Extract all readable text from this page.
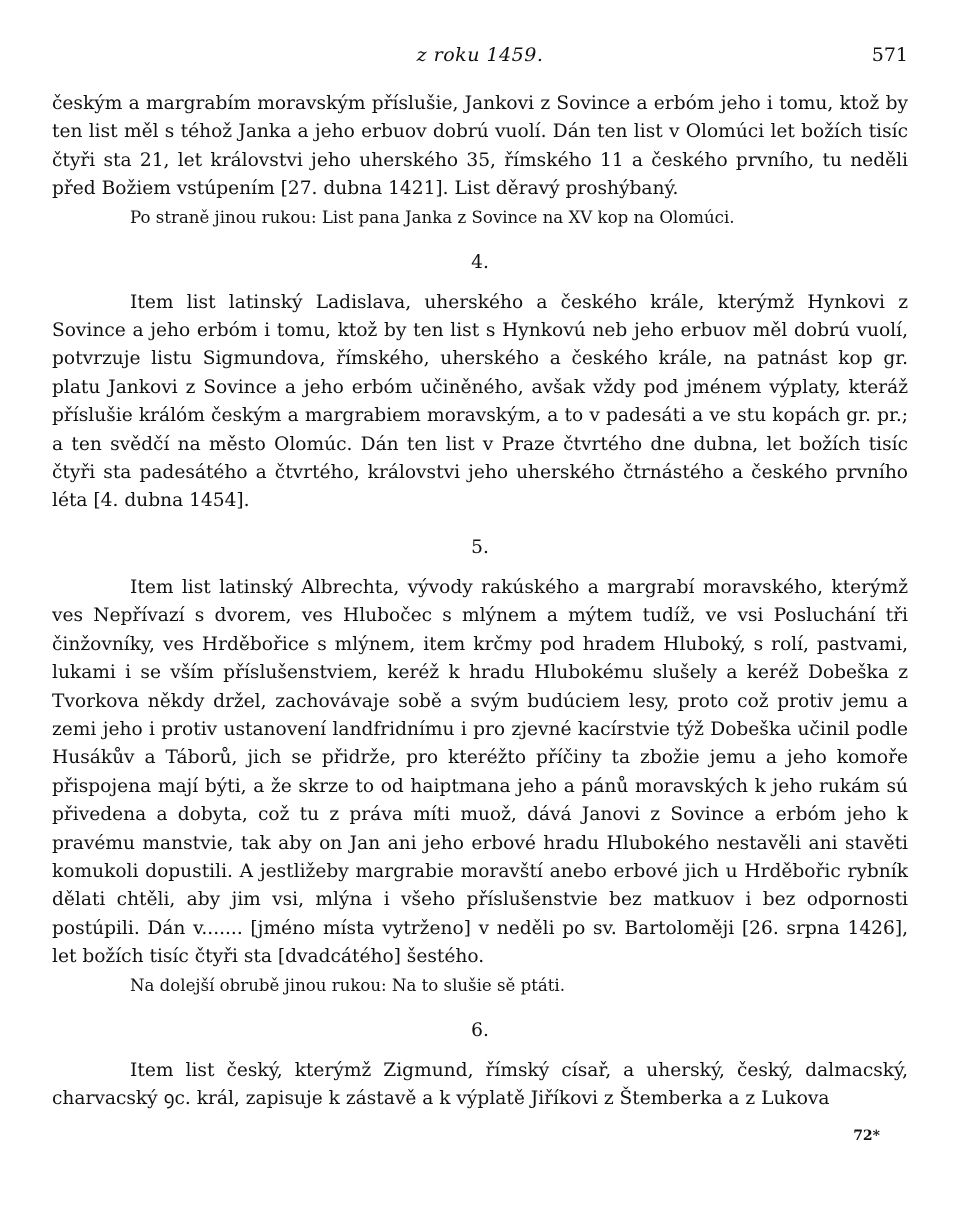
z roku 1459.	571

českým a margrabím moravským příslušie, Jankovi z Sovince a erbóm jeho i tomu, ktož by ten list měl s téhož Janka a jeho erbuov dobrú vuolí. Dán ten list v Olomúci let božích tisíc čtyři sta 21, let královstvi jeho uherského 35, římského 11 a českého prvního, tu neděli před Božiem vstúpením [27. dubna 1421]. List děravý proshýbaný.

Po straně jinou rukou: List pana Janka z Sovince na XV kop na Olomúci.

4.

Item list latinský Ladislava, uherského a českého krále, kterýmž Hynkovi z Sovince a jeho erbóm i tomu, ktož by ten list s Hynkovú neb jeho erbuov měl dobrú vuolí, potvrzuje listu Sigmundova, římského, uherského a českého krále, na patnást kop gr. platu Jankovi z Sovince a jeho erbóm učiněného, avšak vždy pod jménem výplaty, kteráž příslušie králóm českým a margrabiem moravským, a to v padesáti a ve stu kopách gr. pr.; a ten svědčí na město Olomúc. Dán ten list v Praze čtvrtého dne dubna, let božích tisíc čtyři sta padesátého a čtvrtého, královstvi jeho uherského čtrnástého a českého prvního léta [4. dubna 1454].

5.

Item list latinský Albrechta, vývody rakúského a margrabí moravského, kterýmž ves Nepřívazí s dvorem, ves Hlubočec s mlýnem a mýtem tudíž, ve vsi Posluchání tři činžovníky, ves Hrděbořice s mlýnem, item krčmy pod hradem Hluboký, s rolí, pastvami, lukami i se vším příslušenstviem, keréž k hradu Hlubokému slušely a keréž Dobeška z Tvorkova někdy držel, zachovávaje sobě a svým budúciem lesy, proto což protiv jemu a zemi jeho i protiv ustanovení landfridnímu i pro zjevné kacírstvie týž Dobeška učinil podle Husákův a Táborů, jich se přidrže, pro kteréžto příčiny ta zbožie jemu a jeho komoře přispojena mají býti, a že skrze to od haiptmana jeho a pánů moravských k jeho rukám sú přivedena a dobyta, což tu z práva míti muož, dává Janovi z Sovince a erbóm jeho k pravému manstvie, tak aby on Jan ani jeho erbové hradu Hlubokého nestavěli ani stavěti komukoli dopustili. A jestližeby margrabie moravští anebo erbové jich u Hrděbořic rybník dělati chtěli, aby jim vsi, mlýna i všeho příslušenstvie bez matkuov i bez odpornosti postúpili. Dán v....... [jméno místa vytrženo] v neděli po sv. Bartoloměji [26. srpna 1426], let božích tisíc čtyři sta [dvadcátého] šestého.

Na dolejší obrubě jinou rukou: Na to slušie sě ptáti.

6.

Item list český, kterýmž Zigmund, římský císař, a uherský, český, dalmacský, charvacský ꝯc. král, zapisuje k zástavě a k výplatě Jiříkovi z Štemberka a z Lukova

72*
